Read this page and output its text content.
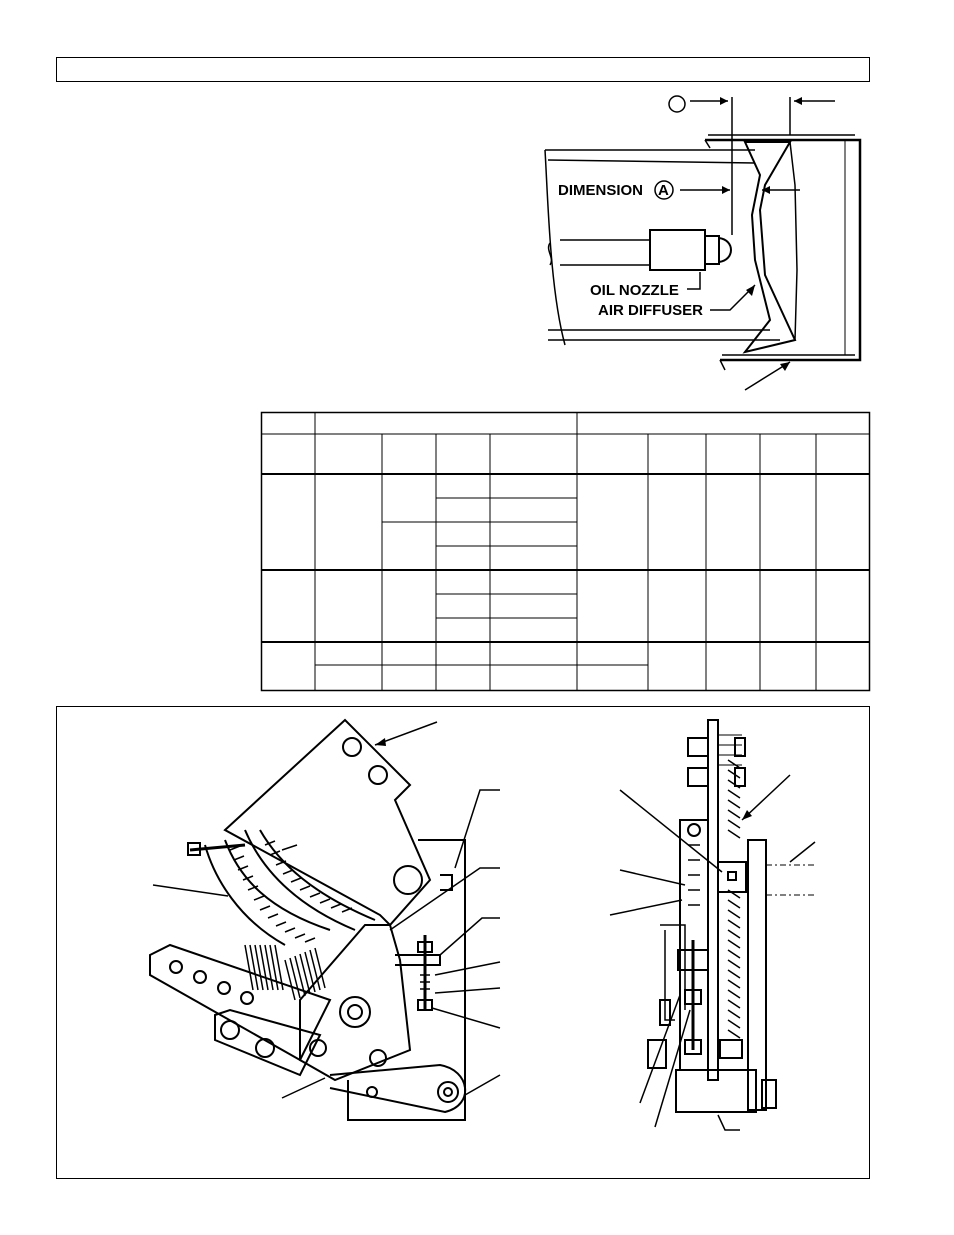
DIMENSION A
OIL NOZZLE
AIR DIFFUSER
